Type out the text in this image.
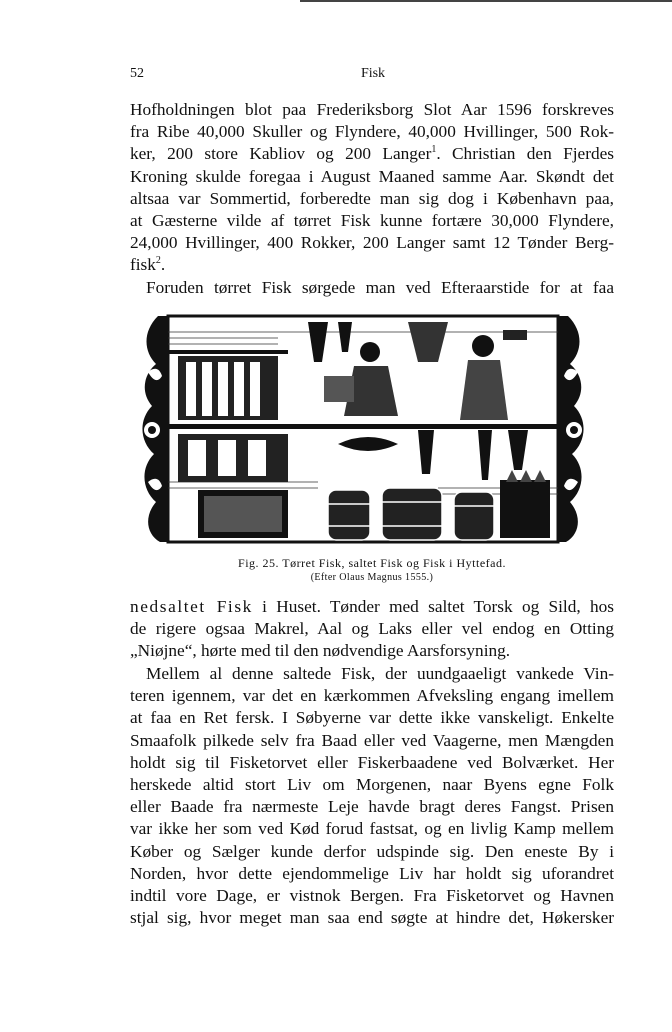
52	Fisk
Hofholdningen blot paa Frederiksborg Slot Aar 1596 forskreves
fra Ribe 40,000 Skuller og Flyndere, 40,000 Hvillinger, 500 Rok-
ker, 200 store Kabliov og 200 Langer$^1$. Christian den Fjerdes
Kroning skulde foregaa i August Maaned samme Aar. Skøndt det
altsaa var Sommertid, forberedte man sig dog i København paa,
at Gæsterne vilde af tørret Fisk kunne fortære 30,000 Flyndere,
24,000 Hvillinger, 400 Rokker, 200 Langer samt 12 Tønder Berg-
fisk$^2$.
Foruden tørret Fisk sørgede man ved Efteraarstide for at faa
Fig. 25. Tørret Fisk, saltet Fisk og Fisk i Hyttefad.
(Efter Olaus Magnus 1555.)
nedsaltet Fisk i Huset. Tønder med saltet Torsk og Sild, hos
de rigere ogsaa Makrel, Aal og Laks eller vel endog en Otting
„Niøjne“, hørte med til den nødvendige Aarsforsyning.
Mellem al denne saltede Fisk, der uundgaaeligt vankede Vin-
teren igennem, var det en kærkommen Afveksling engang imellem
at faa en Ret fersk. I Søbyerne var dette ikke vanskeligt. Enkelte
Smaafolk pilkede selv fra Baad eller ved Vaagerne, men Mængden
holdt sig til Fisketorvet eller Fiskerbaadene ved Bolværket. Her
herskede altid stort Liv om Morgenen, naar Byens egne Folk
eller Baade fra nærmeste Leje havde bragt deres Fangst. Prisen
var ikke her som ved Kød forud fastsat, og en livlig Kamp mellem
Køber og Sælger kunde derfor udspinde sig. Den eneste By i
Norden, hvor dette ejendommelige Liv har holdt sig uforandret
indtil vore Dage, er vistnok Bergen. Fra Fisketorvet og Havnen
stjal sig, hvor meget man saa end søgte at hindre det, Høkersker
